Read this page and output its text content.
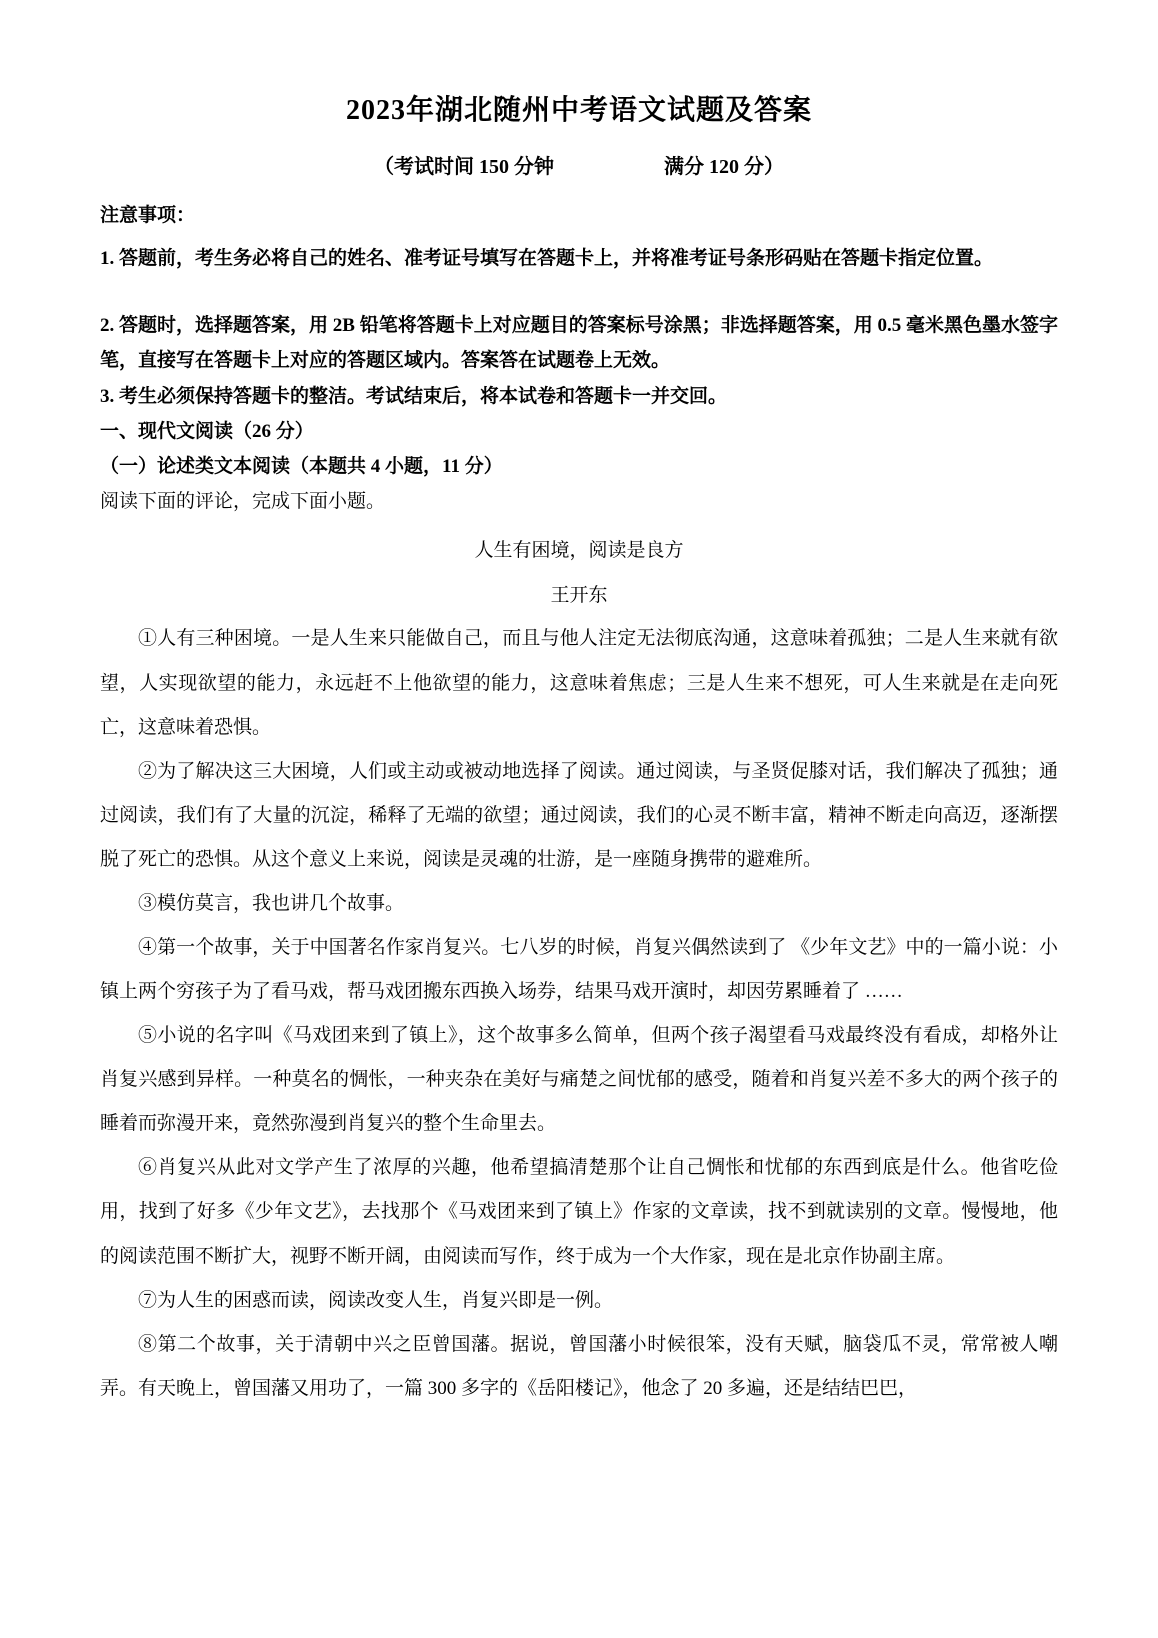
2023年湖北随州中考语文试题及答案
（考试时间 150 分钟	满分 120 分）
注意事项：

1. 答题前，考生务必将自己的姓名、准考证号填写在答题卡上，并将准考证号条形码贴在答题卡指定位置。

2. 答题时，选择题答案，用 2B 铅笔将答题卡上对应题目的答案标号涂黑；非选择题答案，用 0.5 毫米黑色墨水签字笔，直接写在答题卡上对应的答题区域内。答案答在试题卷上无效。

3. 考生必须保持答题卡的整洁。考试结束后，将本试卷和答题卡一并交回。

一、现代文阅读（26 分）
（一）论述类文本阅读（本题共 4 小题，11 分）
阅读下面的评论，完成下面小题。
人生有困境，阅读是良方
王开东

①人有三种困境。一是人生来只能做自己，而且与他人注定无法彻底沟通，这意味着孤独；二是人生来就有欲望，人实现欲望的能力，永远赶不上他欲望的能力，这意味着焦虑；三是人生来不想死，可人生来就是在走向死亡，这意味着恐惧。

②为了解决这三大困境，人们或主动或被动地选择了阅读。通过阅读，与圣贤促膝对话，我们解决了孤独；通过阅读，我们有了大量的沉淀，稀释了无端的欲望；通过阅读，我们的心灵不断丰富，精神不断走向高迈，逐渐摆脱了死亡的恐惧。从这个意义上来说，阅读是灵魂的壮游，是一座随身携带的避难所。

③模仿莫言，我也讲几个故事。

④第一个故事，关于中国著名作家肖复兴。七八岁的时候，肖复兴偶然读到了 《少年文艺》中的一篇小说：小镇上两个穷孩子为了看马戏，帮马戏团搬东西换入场券，结果马戏开演时，却因劳累睡着了 ……

⑤小说的名字叫《马戏团来到了镇上》，这个故事多么简单，但两个孩子渴望看马戏最终没有看成，却格外让肖复兴感到异样。一种莫名的惆怅，一种夹杂在美好与痛楚之间忧郁的感受，随着和肖复兴差不多大的两个孩子的睡着而弥漫开来，竟然弥漫到肖复兴的整个生命里去。

⑥肖复兴从此对文学产生了浓厚的兴趣，他希望搞清楚那个让自己惆怅和忧郁的东西到底是什么。他省吃俭用，找到了好多《少年文艺》，去找那个《马戏团来到了镇上》作家的文章读，找不到就读别的文章。慢慢地，他的阅读范围不断扩大，视野不断开阔，由阅读而写作，终于成为一个大作家，现在是北京作协副主席。

⑦为人生的困惑而读，阅读改变人生，肖复兴即是一例。

⑧第二个故事，关于清朝中兴之臣曾国藩。据说，曾国藩小时候很笨，没有天赋，脑袋瓜不灵，常常被人嘲弄。有天晚上，曾国藩又用功了，一篇 300 多字的《岳阳楼记》，他念了 20 多遍，还是结结巴巴，
